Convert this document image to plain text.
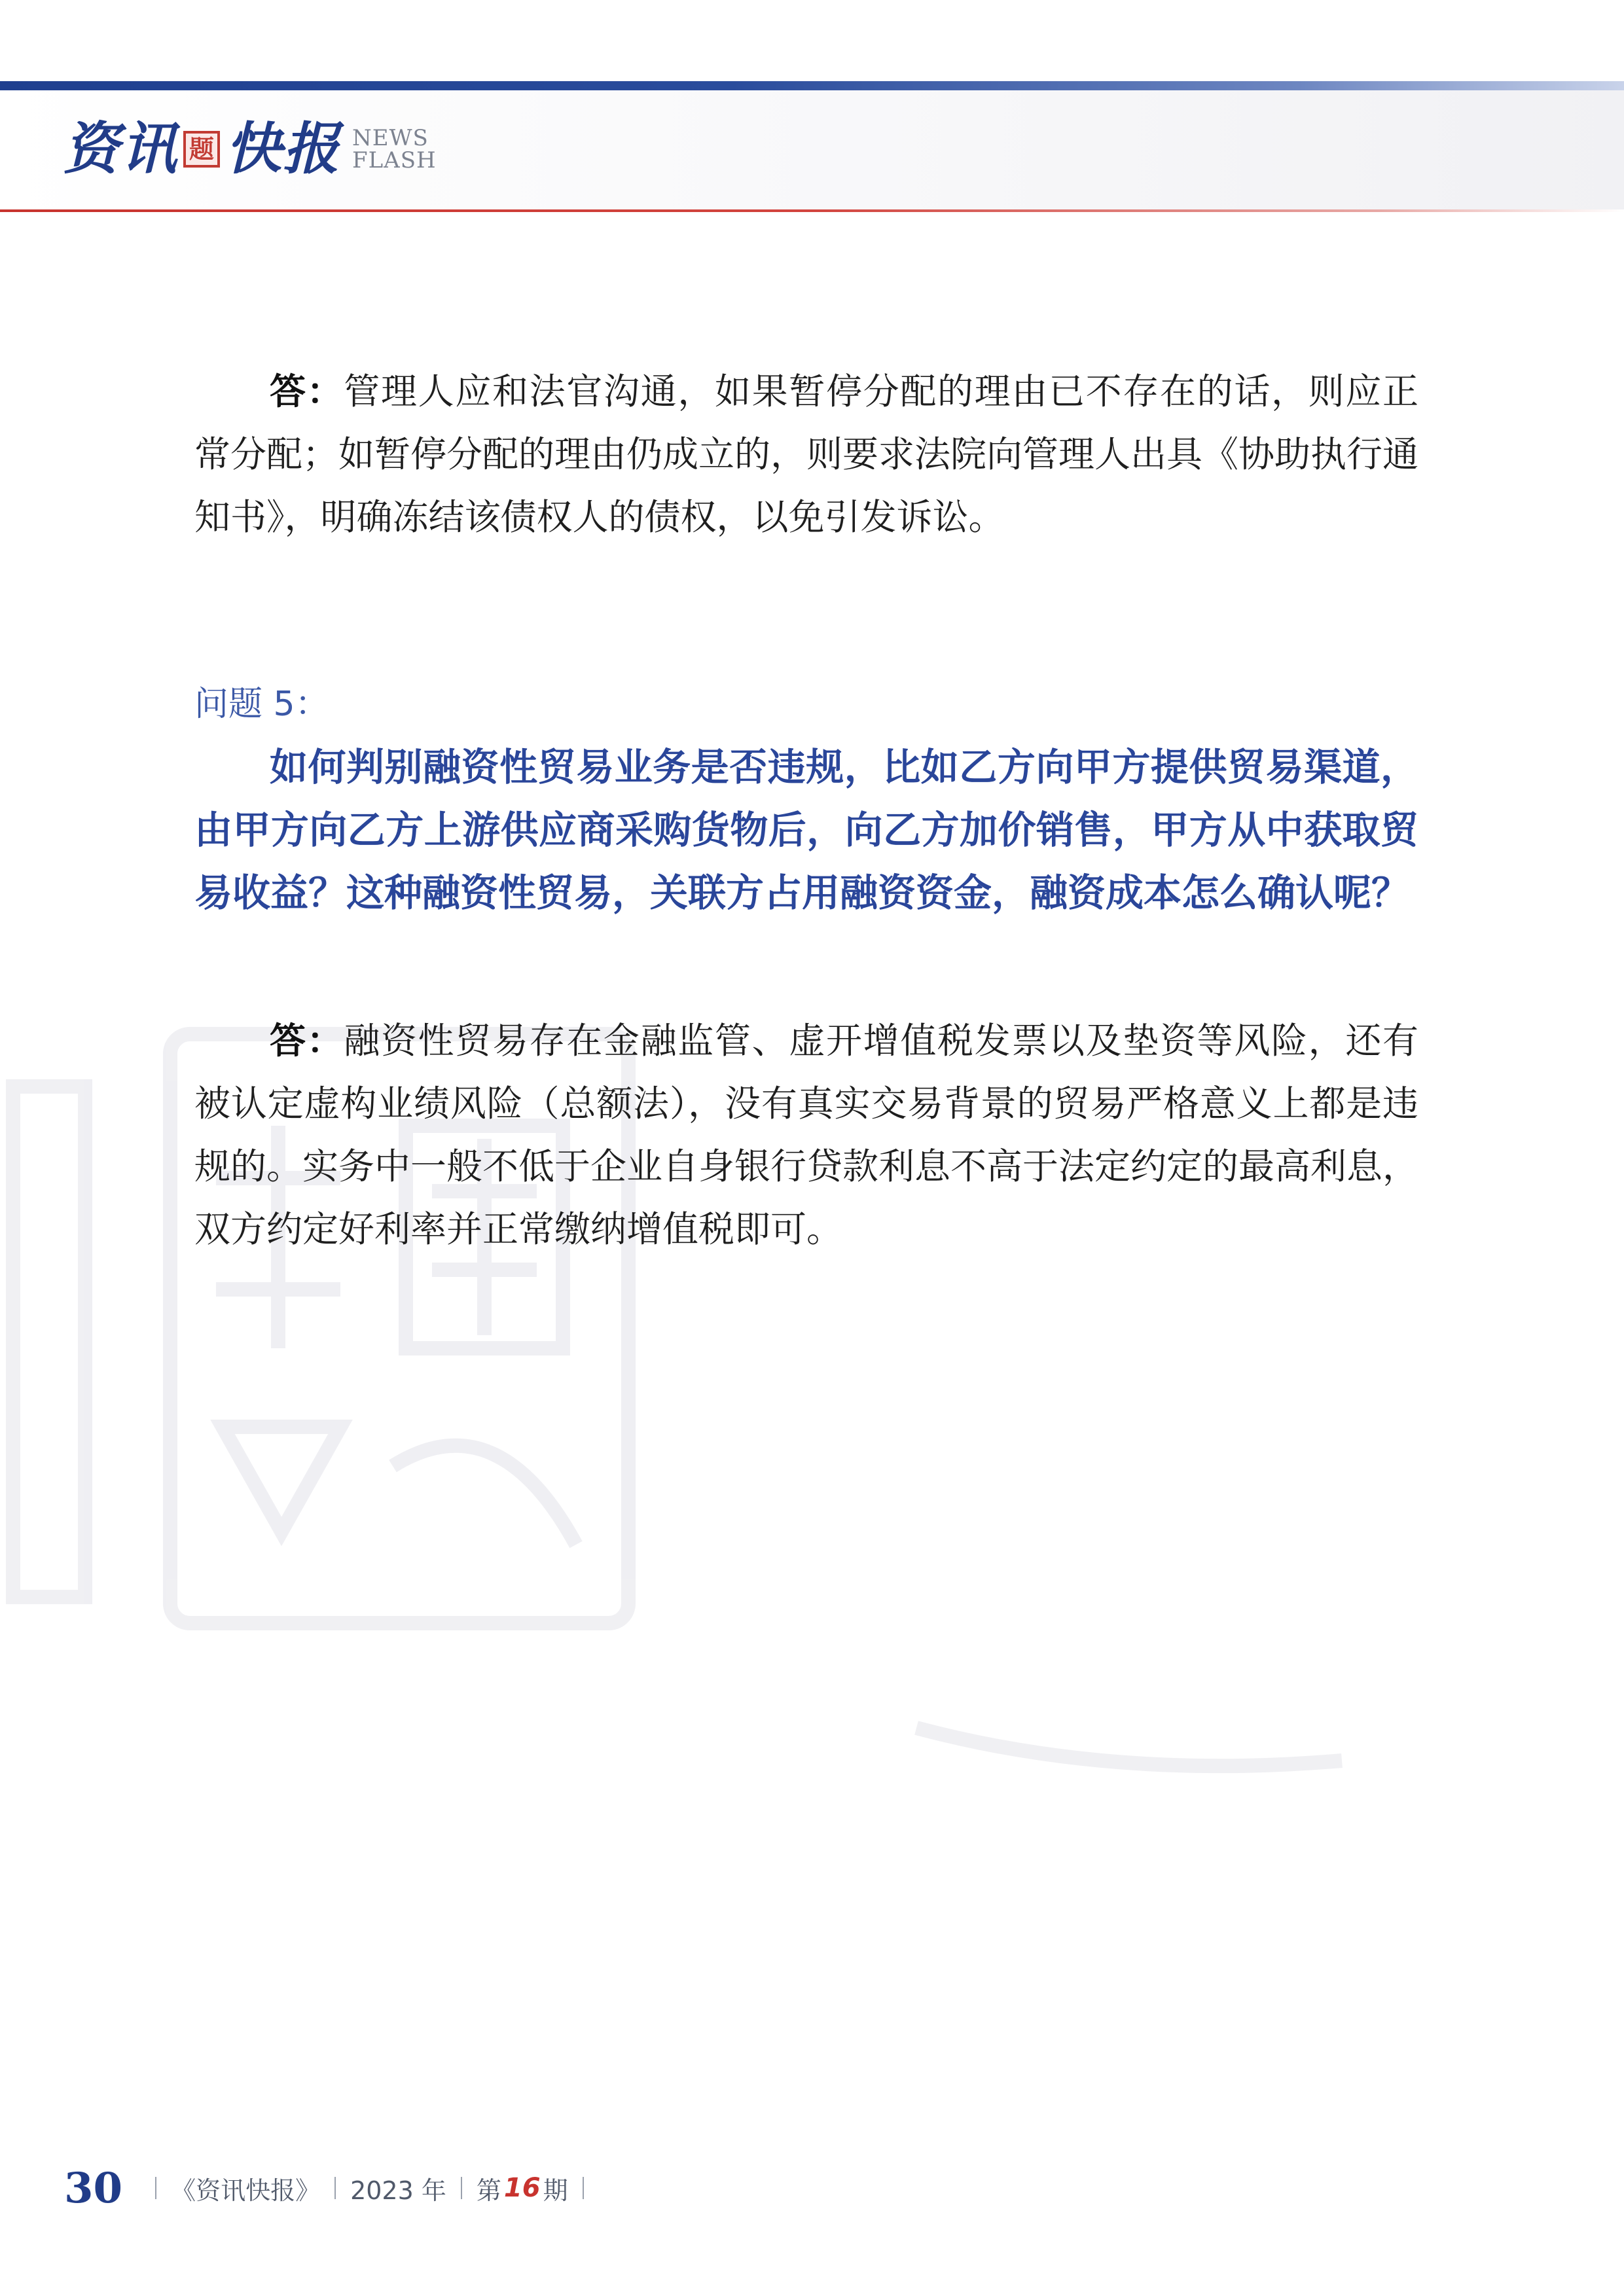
资讯 题 快报 NEWS
FLASH

答：管理人应和法官沟通，如果暂停分配的理由已不存在的话，则应正常分配；如暂停分配的理由仍成立的，则要求法院向管理人出具《协助执行通知书》，明确冻结该债权人的债权，以免引发诉讼。

问题 5：

如何判别融资性贸易业务是否违规，比如乙方向甲方提供贸易渠道，由甲方向乙方上游供应商采购货物后，向乙方加价销售，甲方从中获取贸易收益？这种融资性贸易，关联方占用融资资金，融资成本怎么确认呢？

答：融资性贸易存在金融监管、虚开增值税发票以及垫资等风险，还有被认定虚构业绩风险（总额法），没有真实交易背景的贸易严格意义上都是违规的。实务中一般不低于企业自身银行贷款利息不高于法定约定的最高利息，双方约定好利率并正常缴纳增值税即可。

30 《资讯快报》 2023 年 第 16 期
